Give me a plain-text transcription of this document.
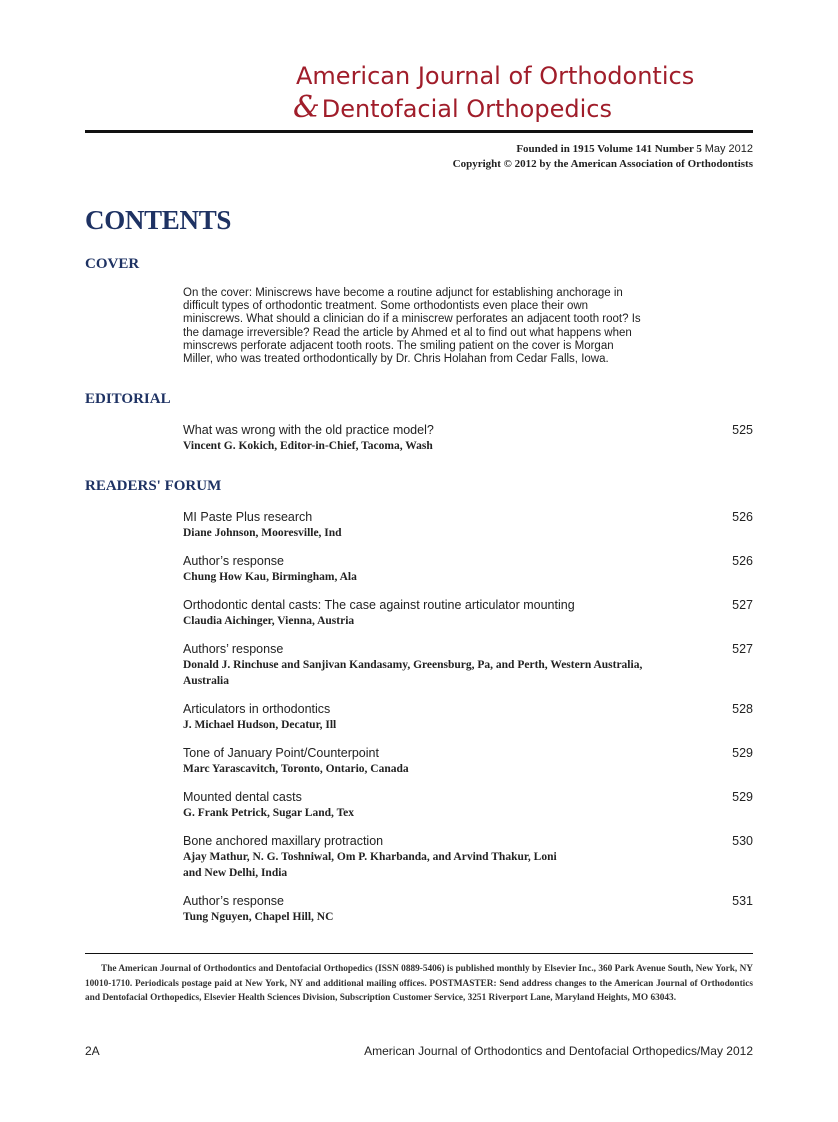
American Journal of Orthodontics
& Dentofacial Orthopedics
Founded in 1915 Volume 141 Number 5 May 2012
Copyright © 2012 by the American Association of Orthodontists
CONTENTS
COVER
On the cover: Miniscrews have become a routine adjunct for establishing anchorage in
difficult types of orthodontic treatment. Some orthodontists even place their own
miniscrews. What should a clinician do if a miniscrew perforates an adjacent tooth root? Is
the damage irreversible? Read the article by Ahmed et al to find out what happens when
minscrews perforate adjacent tooth roots. The smiling patient on the cover is Morgan
Miller, who was treated orthodontically by Dr. Chris Holahan from Cedar Falls, Iowa.
EDITORIAL
What was wrong with the old practice model?
Vincent G. Kokich, Editor-in-Chief, Tacoma, Wash
525
READERS' FORUM
MI Paste Plus research
Diane Johnson, Mooresville, Ind
526
Author’s response
Chung How Kau, Birmingham, Ala
526
Orthodontic dental casts: The case against routine articulator mounting
Claudia Aichinger, Vienna, Austria
527
Authors’ response
Donald J. Rinchuse and Sanjivan Kandasamy, Greensburg, Pa, and Perth, Western Australia, Australia
527
Articulators in orthodontics
J. Michael Hudson, Decatur, Ill
528
Tone of January Point/Counterpoint
Marc Yarascavitch, Toronto, Ontario, Canada
529
Mounted dental casts
G. Frank Petrick, Sugar Land, Tex
529
Bone anchored maxillary protraction
Ajay Mathur, N. G. Toshniwal, Om P. Kharbanda, and Arvind Thakur, Loni and New Delhi, India
530
Author’s response
Tung Nguyen, Chapel Hill, NC
531
The American Journal of Orthodontics and Dentofacial Orthopedics (ISSN 0889-5406) is published monthly by Elsevier Inc., 360 Park Avenue South, New York, NY 10010-1710. Periodicals postage paid at New York, NY and additional mailing offices. POSTMASTER: Send address changes to the American Journal of Orthodontics and Dentofacial Orthopedics, Elsevier Health Sciences Division, Subscription Customer Service, 3251 Riverport Lane, Maryland Heights, MO 63043.
2A	American Journal of Orthodontics and Dentofacial Orthopedics/May 2012
